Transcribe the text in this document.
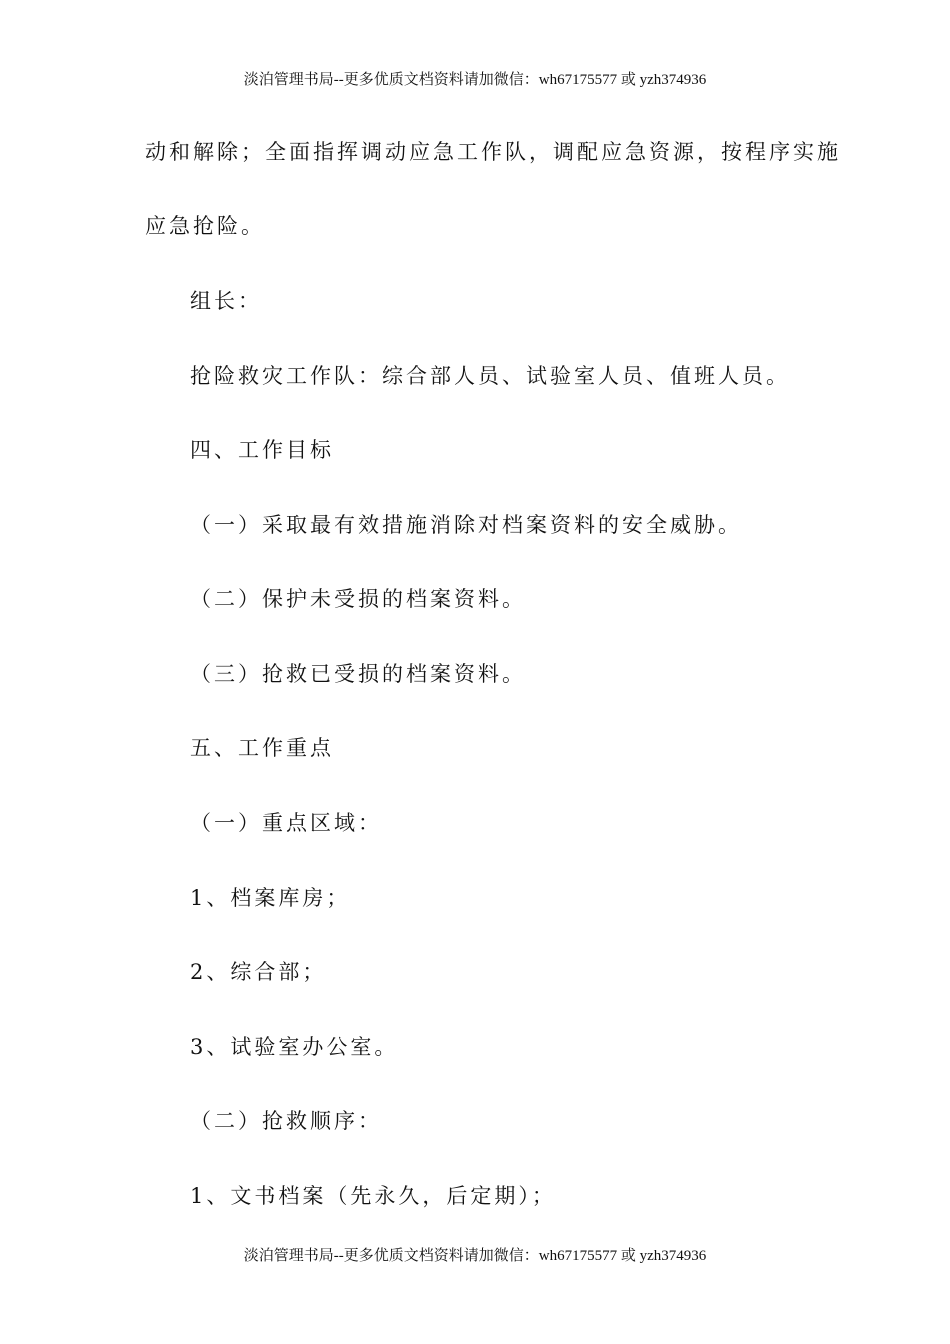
淡泊管理书局--更多优质文档资料请加微信：wh67175577 或 yzh374936
动和解除；全面指挥调动应急工作队，调配应急资源，按程序实施
应急抢险。
组长：
抢险救灾工作队：综合部人员、试验室人员、值班人员。
四、工作目标
（一）采取最有效措施消除对档案资料的安全威胁。
（二）保护未受损的档案资料。
（三）抢救已受损的档案资料。
五、工作重点
（一）重点区域：
1、档案库房；
2、综合部；
3、试验室办公室。
（二）抢救顺序：
1、文书档案（先永久，后定期）；
淡泊管理书局--更多优质文档资料请加微信：wh67175577 或 yzh374936
